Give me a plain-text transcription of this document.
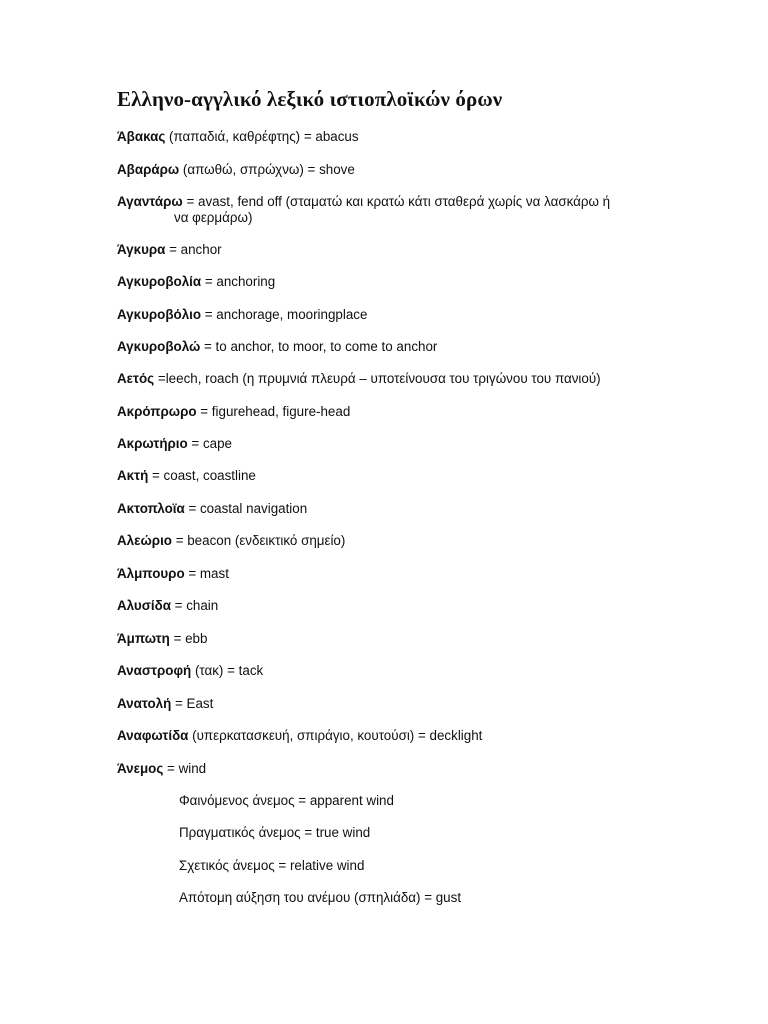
Ελληνο-αγγλικό λεξικό ιστιοπλοϊκών όρων
Άβακας (παπαδιά, καθρέφτης) = abacus
Αβαράρω (απωθώ, σπρώχνω) = shove
Αγαντάρω = avast, fend off (σταματώ και κρατώ κάτι σταθερά χωρίς να λασκάρω ή
να φερμάρω)
Άγκυρα = anchor
Αγκυροβολία = anchoring
Αγκυροβόλιο = anchorage, mooringplace
Αγκυροβολώ = to anchor, to moor, to come to anchor
Αετός =leech, roach (η πρυμνιά πλευρά – υποτείνουσα του τριγώνου του πανιού)
Ακρόπρωρο = figurehead, figure-head
Ακρωτήριο = cape
Ακτή = coast, coastline
Ακτοπλοϊα = coastal navigation
Αλεώριο = beacon (ενδεικτικό σημείο)
Άλμπουρο = mast
Αλυσίδα = chain
Άμπωτη = ebb
Αναστροφή (τακ) = tack
Ανατολή = East
Αναφωτίδα (υπερκατασκευή, σπιράγιο, κουτούσι) = decklight
Άνεμος = wind
Φαινόμενος άνεμος = apparent wind
Πραγματικός άνεμος = true wind
Σχετικός άνεμος = relative wind
Απότομη αύξηση του ανέμου (σπηλιάδα) = gust
